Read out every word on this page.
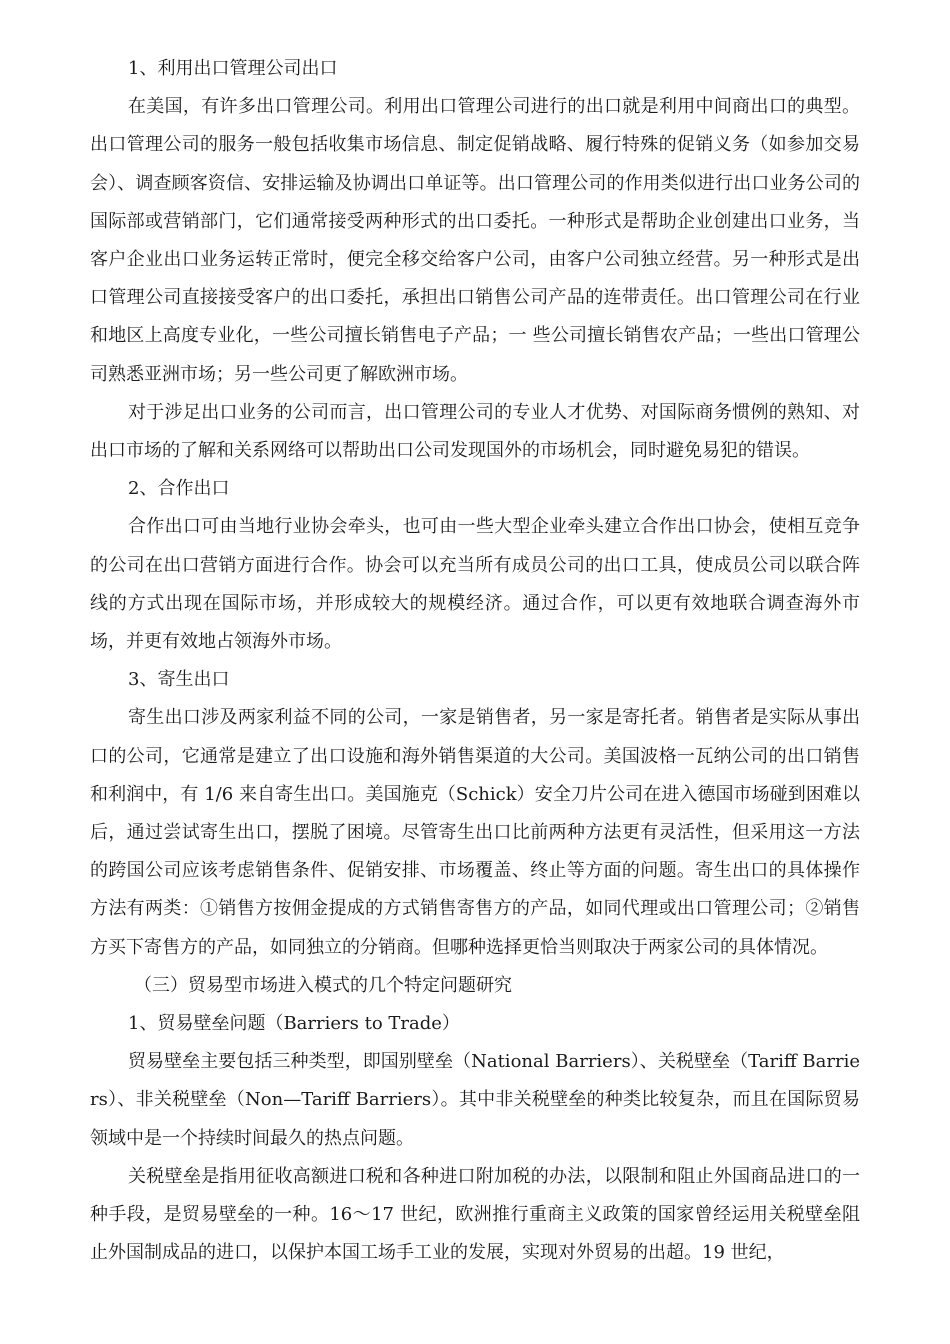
1、利用出口管理公司出口

在美国，有许多出口管理公司。利用出口管理公司进行的出口就是利用中间商出口的典型。出口管理公司的服务一般包括收集市场信息、制定促销战略、履行特殊的促销义务（如参加交易会）、调查顾客资信、安排运输及协调出口单证等。出口管理公司的作用类似进行出口业务公司的国际部或营销部门，它们通常接受两种形式的出口委托。一种形式是帮助企业创建出口业务，当客户企业出口业务运转正常时，便完全移交给客户公司，由客户公司独立经营。另一种形式是出口管理公司直接接受客户的出口委托，承担出口销售公司产品的连带责任。出口管理公司在行业和地区上高度专业化，一些公司擅长销售电子产品；一 些公司擅长销售农产品；一些出口管理公司熟悉亚洲市场；另一些公司更了解欧洲市场。

对于涉足出口业务的公司而言，出口管理公司的专业人才优势、对国际商务惯例的熟知、对出口市场的了解和关系网络可以帮助出口公司发现国外的市场机会，同时避免易犯的错误。

2、合作出口

合作出口可由当地行业协会牵头，也可由一些大型企业牵头建立合作出口协会，使相互竞争的公司在出口营销方面进行合作。协会可以充当所有成员公司的出口工具，使成员公司以联合阵线的方式出现在国际市场，并形成较大的规模经济。通过合作，可以更有效地联合调查海外市场，并更有效地占领海外市场。

3、寄生出口

寄生出口涉及两家利益不同的公司，一家是销售者，另一家是寄托者。销售者是实际从事出口的公司，它通常是建立了出口设施和海外销售渠道的大公司。美国波格一瓦纳公司的出口销售和利润中，有 1/6 来自寄生出口。美国施克（Schick）安全刀片公司在进入德国市场碰到困难以后，通过尝试寄生出口，摆脱了困境。尽管寄生出口比前两种方法更有灵活性，但采用这一方法的跨国公司应该考虑销售条件、促销安排、市场覆盖、终止等方面的问题。寄生出口的具体操作方法有两类：①销售方按佣金提成的方式销售寄售方的产品，如同代理或出口管理公司；②销售方买下寄售方的产品，如同独立的分销商。但哪种选择更恰当则取决于两家公司的具体情况。

（三）贸易型市场进入模式的几个特定问题研究

1、贸易壁垒问题（Barriers to Trade）

贸易壁垒主要包括三种类型，即国别壁垒（National Barriers）、关税壁垒（Tariff Barriers）、非关税壁垒（Non—Tariff Barriers）。其中非关税壁垒的种类比较复杂，而且在国际贸易领域中是一个持续时间最久的热点问题。

关税壁垒是指用征收高额进口税和各种进口附加税的办法，以限制和阻止外国商品进口的一种手段，是贸易壁垒的一种。16～17 世纪，欧洲推行重商主义政策的国家曾经运用关税壁垒阻止外国制成品的进口，以保护本国工场手工业的发展，实现对外贸易的出超。19 世纪，
